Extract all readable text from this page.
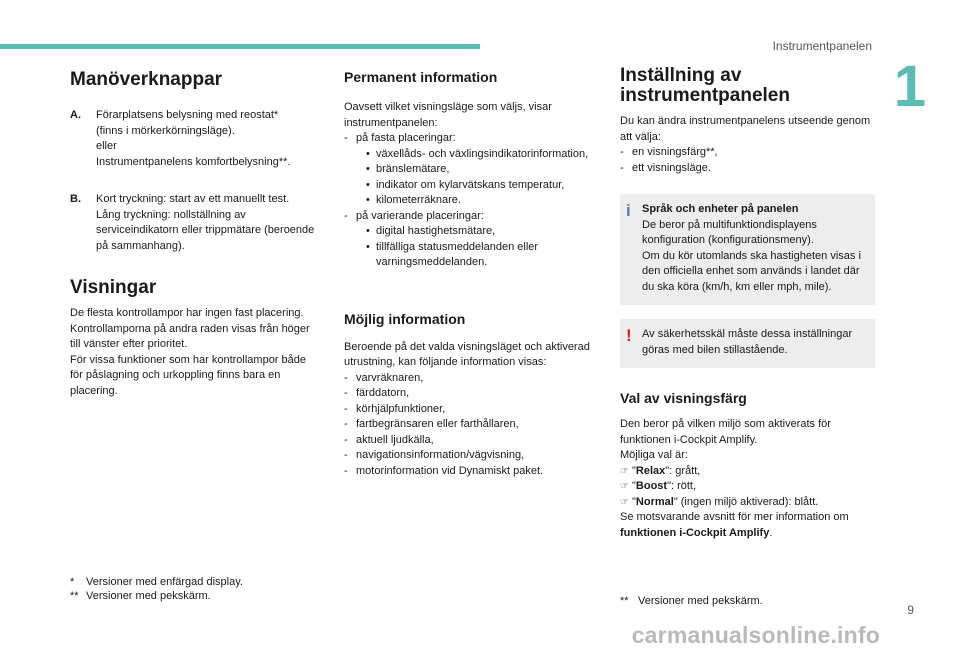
Instrumentpanelen
1
Manöverknappar
A.	Förarplatsens belysning med reostat*
(finns i mörkerkörningsläge).
eller
Instrumentpanelens komfortbelysning**.
B.	Kort tryckning: start av ett manuellt test.
Lång tryckning: nollställning av serviceindikatorn eller trippmätare (beroende på sammanhang).
Visningar

De flesta kontrollampor har ingen fast placering.

Kontrollamporna på andra raden visas från höger till vänster efter prioritet.

För vissa funktioner som har kontrollampor både för påslagning och urkoppling finns bara en placering.

*	Versioner med enfärgad display.
** Versioner med pekskärm.
Permanent information

Oavsett vilket visningsläge som väljs, visar instrumentpanelen:

- på fasta placeringar:
• växellåds- och växlingsindikatorinformation,
• bränslemätare,
• indikator om kylarvätskans temperatur,
• kilometerräknare.
- på varierande placeringar:
• digital hastighetsmätare,
• tillfälliga statusmeddelanden eller varningsmeddelanden.
Möjlig information

Beroende på det valda visningsläget och aktiverad utrustning, kan följande information visas:

- varvräknaren,
- färddatorn,
- körhjälpfunktioner,
- fartbegränsaren eller farthållaren,
- aktuell ljudkälla,
- navigationsinformation/vägvisning,
- motorinformation vid Dynamiskt paket.
Inställning av instrumentpanelen

Du kan ändra instrumentpanelens utseende genom att välja:

- en visningsfärg**,
- ett visningsläge.
i Språk och enheter på panelen
De beror på multifunktiondisplayens konfiguration (konfigurationsmeny).
Om du kör utomlands ska hastigheten visas i den officiella enhet som används i landet där du ska köra (km/h, km eller mph, mile).
! Av säkerhetsskäl måste dessa inställningar göras med bilen stillastående.
Val av visningsfärg

Den beror på vilken miljö som aktiverats för funktionen i-Cockpit Amplify.

Möjliga val är:

☞ "Relax": grått,
☞ "Boost": rött,
☞ "Normal" (ingen miljö aktiverad): blått.

Se motsvarande avsnitt för mer information om funktionen i-Cockpit Amplify.

** Versioner med pekskärm.
9
carmanualsonline.info
